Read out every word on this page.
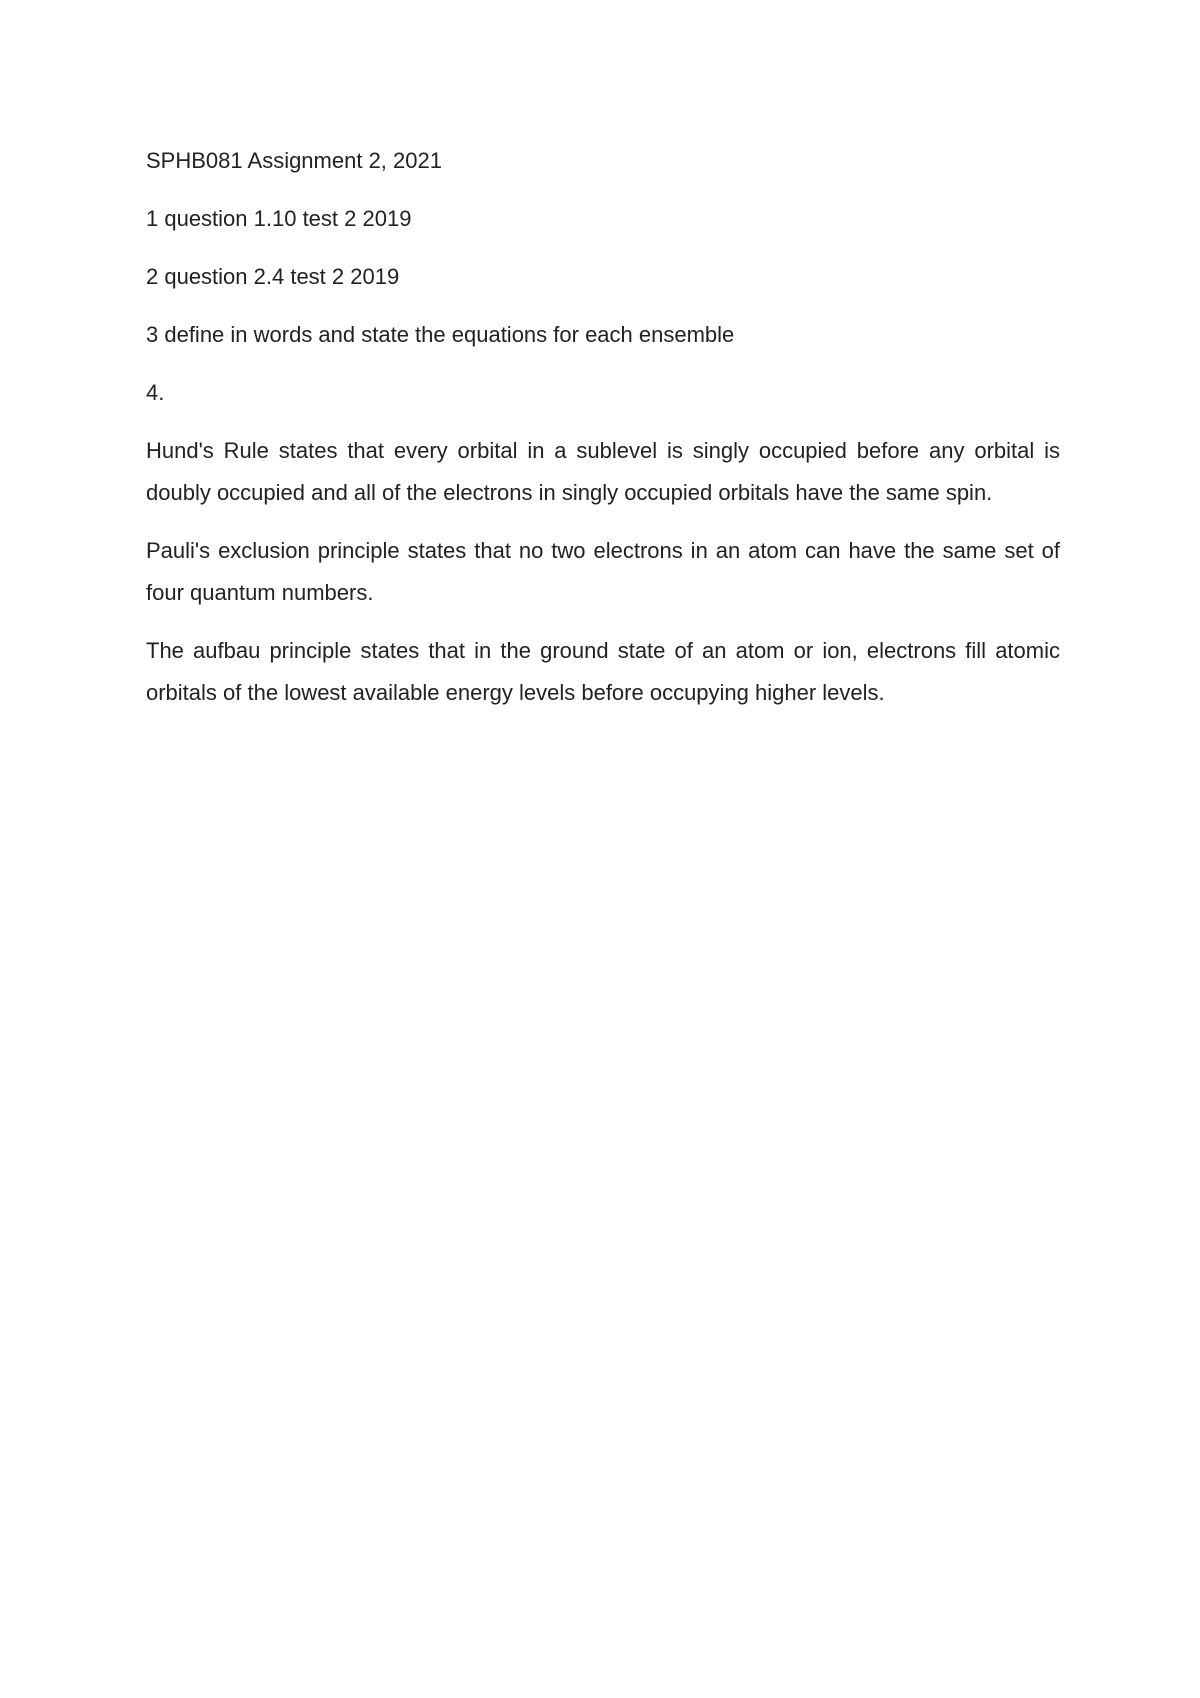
SPHB081 Assignment 2, 2021

1 question 1.10 test 2 2019

2 question 2.4 test 2 2019

3 define in words and state the equations for each ensemble

4.

Hund's Rule states that every orbital in a sublevel is singly occupied before any orbital is doubly occupied and all of the electrons in singly occupied orbitals have the same spin.

Pauli's exclusion principle states that no two electrons in an atom can have the same set of four quantum numbers.

The aufbau principle states that in the ground state of an atom or ion, electrons fill atomic orbitals of the lowest available energy levels before occupying higher levels.
